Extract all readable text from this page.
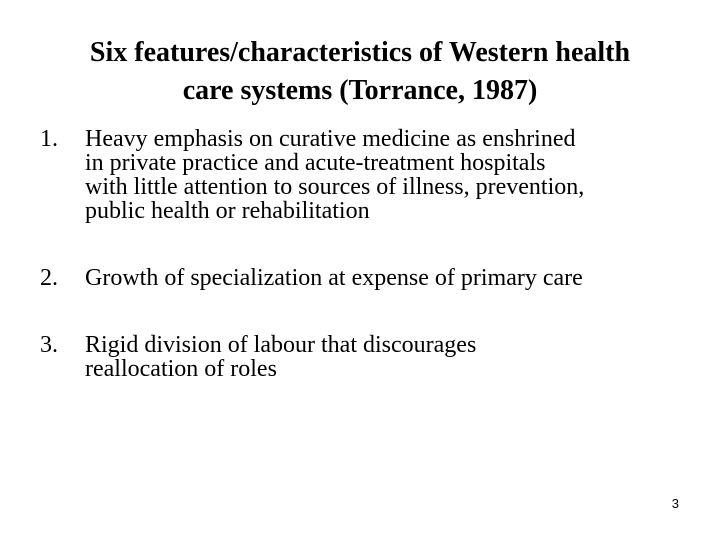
Six features/characteristics of Western health
care systems (Torrance, 1987)
1.	Heavy emphasis on curative medicine as enshrined
in private practice and acute-treatment hospitals
with little attention to sources of illness, prevention,
public health or rehabilitation
2.	Growth of specialization at expense of primary care
3.	Rigid division of labour that discourages
reallocation of roles
3
